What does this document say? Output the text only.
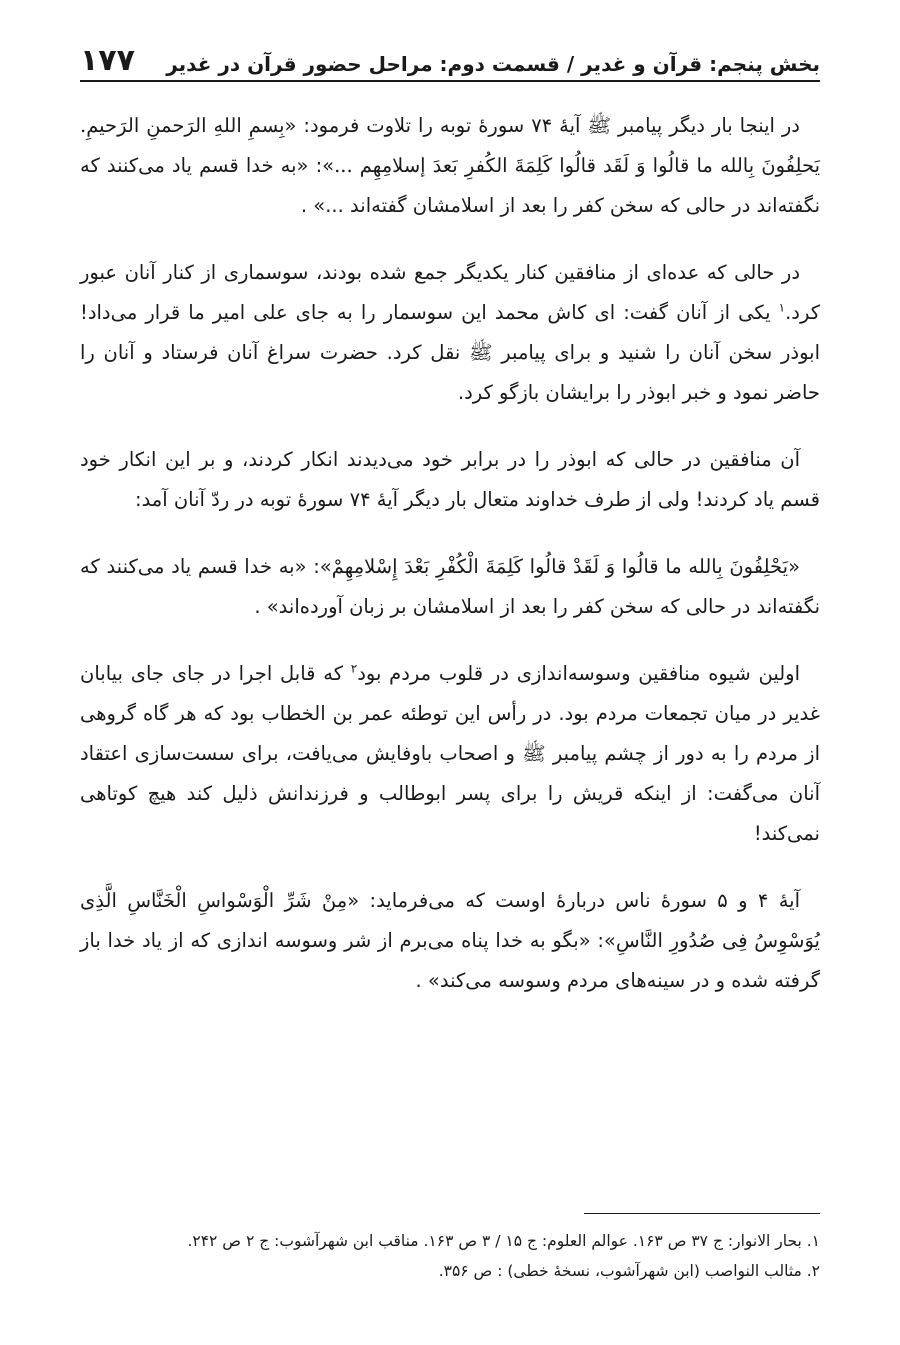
بخش پنجم: قرآن و غدیر / قسمت دوم: مراحل حضور قرآن در غدیر
۱۷۷

در اینجا بار دیگر پیامبر ﷺ آیهٔ ۷۴ سورهٔ توبه را تلاوت فرمود: «بِسمِ اللهِ الرَحمنِ الرَحیمِ. یَحلِفُونَ بِالله ما قالُوا وَ لَقَد قالُوا کَلِمَةَ الکُفرِ بَعدَ إسلامِهِم ...»: «به خدا قسم یاد می‌کنند که نگفته‌اند در حالی که سخن کفر را بعد از اسلامشان گفته‌اند ...» .

در حالی که عده‌ای از منافقین کنار یکدیگر جمع شده بودند، سوسماری از کنار آنان عبور کرد.$^۱$ یکی از آنان گفت: ای کاش محمد این سوسمار را به جای علی امیر ما قرار می‌داد! ابوذر سخن آنان را شنید و برای پیامبر ﷺ نقل کرد. حضرت سراغ آنان فرستاد و آنان را حاضر نمود و خبر ابوذر را برایشان بازگو کرد.

آن منافقین در حالی که ابوذر را در برابر خود می‌دیدند انکار کردند، و بر این انکار خود قسم یاد کردند! ولی از طرف خداوند متعال بار دیگر آیهٔ ۷۴ سورهٔ توبه در ردّ آنان آمد:

«یَحْلِفُونَ بِالله ما قالُوا وَ لَقَدْ قالُوا کَلِمَةَ الْکُفْرِ بَعْدَ إِسْلامِهِمْ»: «به خدا قسم یاد می‌کنند که نگفته‌اند در حالی که سخن کفر را بعد از اسلامشان بر زبان آورده‌اند» .

اولین شیوه منافقین وسوسه‌اندازی در قلوب مردم بود$^۲$ که قابل اجرا در جای جای بیابان غدیر در میان تجمعات مردم بود. در رأس این توطئه عمر بن الخطاب بود که هر گاه گروهی از مردم را به دور از چشم پیامبر ﷺ و اصحاب باوفایش می‌یافت، برای سست‌سازی اعتقاد آنان می‌گفت: از اینکه قریش را برای پسر ابوطالب و فرزندانش ذلیل کند هیچ کوتاهی نمی‌کند!

آیهٔ ۴ و ۵ سورهٔ ناس دربارهٔ اوست که می‌فرماید: «مِنْ شَرِّ الْوَسْواسِ الْخَنَّاسِ الَّذِی یُوَسْوِسُ فِی صُدُورِ النَّاسِ»: «بگو به خدا پناه می‌برم از شر وسوسه اندازی که از یاد خدا باز گرفته شده و در سینه‌های مردم وسوسه می‌کند» .

۱. بحار الانوار: ج ۳۷ ص ۱۶۳. عوالم العلوم: ج ۱۵ / ۳ ص ۱۶۳. مناقب ابن شهرآشوب: ج ۲ ص ۲۴۲.

۲. مثالب النواصب (ابن شهرآشوب، نسخهٔ خطی) : ص ۳۵۶.
